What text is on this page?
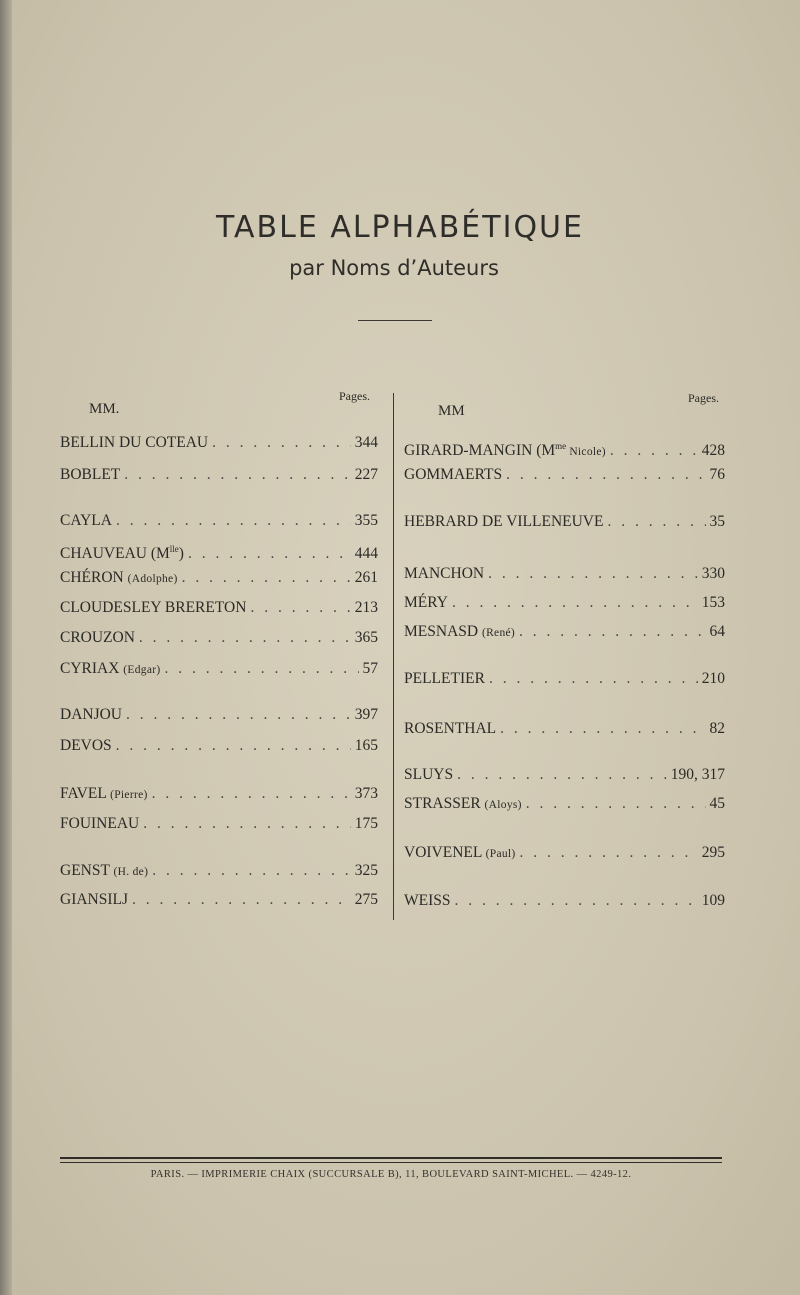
TABLE ALPHABÉTIQUE
par Noms d’Auteurs
MM.
Pages.
MM
Pages.
BELLIN DU COTEAU . . .	344
BOBLET . . .	227
CAYLA . . .	355
CHAUVEAU $(M^{lle})$ . . .	444
CHÉRON (Adolphe) . . .	261
CLOUDESLEY BRERETON . . .	213
CROUZON . . .	365
CYRIAX (Edgar) . . .	57
DANJOU . . .	397
DEVOS . . .	165
FAVEL (Pierre) . . .	373
FOUINEAU . . .	175
GENST (H. de) . . .	325
GIANSILJ . . .	275
GIRARD-MANGIN ($M^{me}$ Nicole) . . .	428
GOMMAERTS . . .	76
HEBRARD DE VILLENEUVE . . .	35
MANCHON . . .	330
MÉRY . . .	153
MESNASD (René) . . .	64
PELLETIER . . .	210
ROSENTHAL . . .	82
SLUYS . . .	190, 317
STRASSER (Aloys) . . .	45
VOIVENEL (Paul) . . .	295
WEISS . . .	109
PARIS. — IMPRIMERIE CHAIX (SUCCURSALE B), 11, BOULEVARD SAINT-MICHEL. — 4249-12.
